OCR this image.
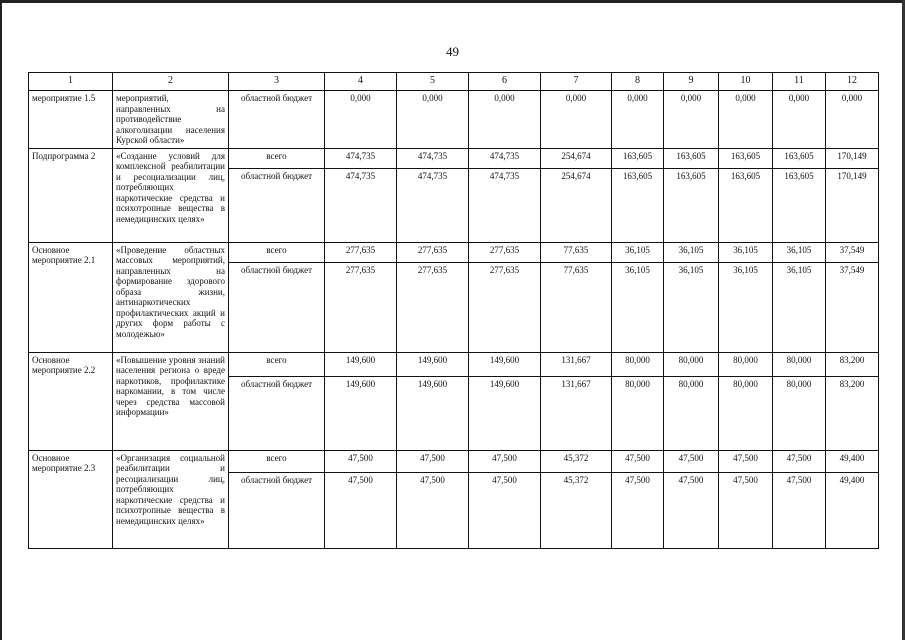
49
1	2	3	4	5	6	7	8	9	10	11	12
мероприятие 1.5	мероприятий, направленных на противодействие алкоголизации населения Курской области»	областной бюджет	0,000	0,000	0,000	0,000	0,000	0,000	0,000	0,000	0,000
Подпрограмма 2	«Создание условий для комплексной реабилитации и ресоциализации лиц, потребляющих наркотические средства и психотропные вещества в немедицинских целях»	всего	474,735	474,735	474,735	254,674	163,605	163,605	163,605	163,605	170,149
		областной бюджет	474,735	474,735	474,735	254,674	163,605	163,605	163,605	163,605	170,149
Основное мероприятие 2.1	«Проведение областных массовых мероприятий, направленных на формирование здорового образа жизни, антинаркотических профилактических акций и других форм работы с молодежью»	всего	277,635	277,635	277,635	77,635	36,105	36,105	36,105	36,105	37,549
		областной бюджет	277,635	277,635	277,635	77,635	36,105	36,105	36,105	36,105	37,549
Основное мероприятие 2.2	«Повышение уровня знаний населения региона о вреде наркотиков, профилактике наркомании, в том числе через средства массовой информации»	всего	149,600	149,600	149,600	131,667	80,000	80,000	80,000	80,000	83,200
		областной бюджет	149,600	149,600	149,600	131,667	80,000	80,000	80,000	80,000	83,200
Основное мероприятие 2.3	«Организация социальной реабилитации и ресоциализации лиц, потребляющих наркотические средства и психотропные вещества в немедицинских целях»	всего	47,500	47,500	47,500	45,372	47,500	47,500	47,500	47,500	49,400
		областной бюджет	47,500	47,500	47,500	45,372	47,500	47,500	47,500	47,500	49,400
